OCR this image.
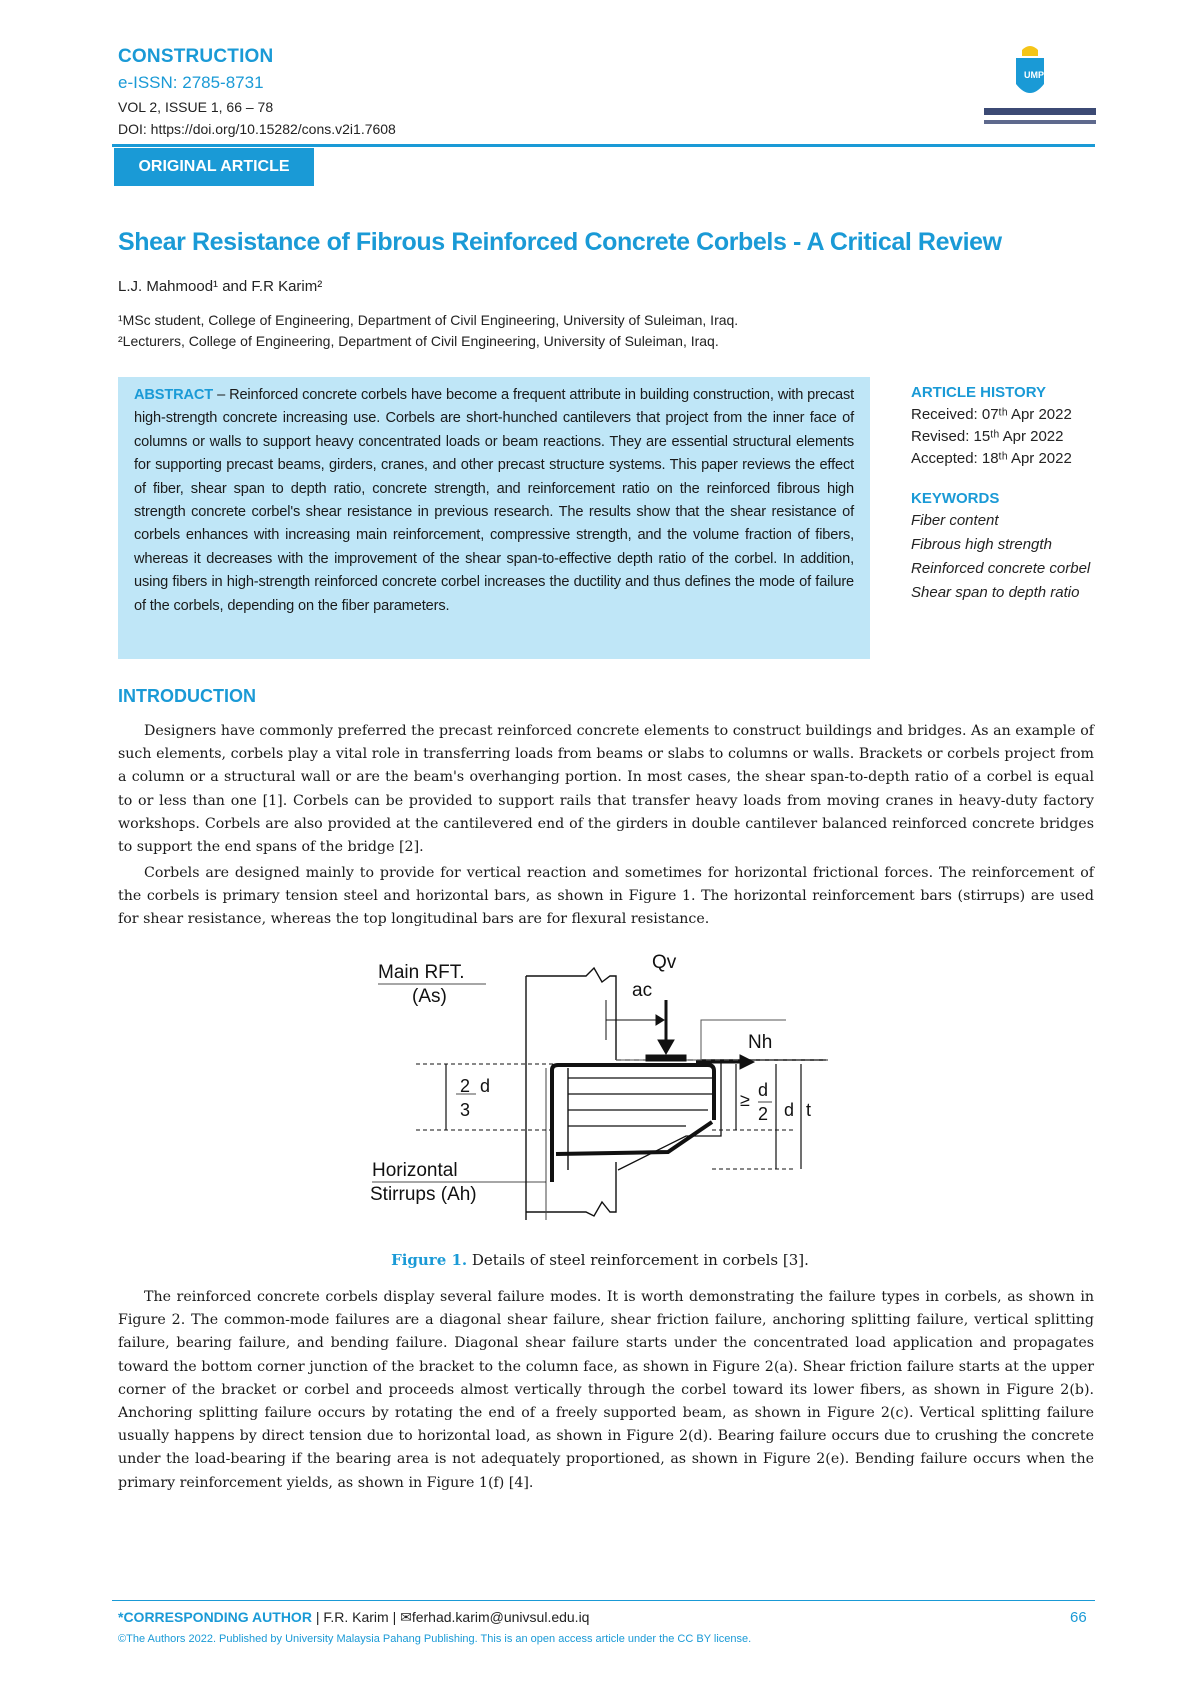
CONSTRUCTION
e-ISSN: 2785-8731
VOL 2, ISSUE 1, 66 – 78
DOI: https://doi.org/10.15282/cons.v2i1.7608
UMP
ORIGINAL ARTICLE
Shear Resistance of Fibrous Reinforced Concrete Corbels - A Critical Review
L.J. Mahmood¹ and F.R Karim²
¹MSc student, College of Engineering, Department of Civil Engineering, University of Suleiman, Iraq.
²Lecturers, College of Engineering, Department of Civil Engineering, University of Suleiman, Iraq.
ABSTRACT – Reinforced concrete corbels have become a frequent attribute in building construction, with precast high-strength concrete increasing use. Corbels are short-hunched cantilevers that project from the inner face of columns or walls to support heavy concentrated loads or beam reactions. They are essential structural elements for supporting precast beams, girders, cranes, and other precast structure systems. This paper reviews the effect of fiber, shear span to depth ratio, concrete strength, and reinforcement ratio on the reinforced fibrous high strength concrete corbel's shear resistance in previous research. The results show that the shear resistance of corbels enhances with increasing main reinforcement, compressive strength, and the volume fraction of fibers, whereas it decreases with the improvement of the shear span-to-effective depth ratio of the corbel. In addition, using fibers in high-strength reinforced concrete corbel increases the ductility and thus defines the mode of failure of the corbels, depending on the fiber parameters.
ARTICLE HISTORY
Received: 07ᵗʰ Apr 2022
Revised: 15ᵗʰ Apr 2022
Accepted: 18ᵗʰ Apr 2022
KEYWORDS
Fiber content
Fibrous high strength
Reinforced concrete corbel
Shear span to depth ratio
INTRODUCTION
Designers have commonly preferred the precast reinforced concrete elements to construct buildings and bridges. As an example of such elements, corbels play a vital role in transferring loads from beams or slabs to columns or walls. Brackets or corbels project from a column or a structural wall or are the beam's overhanging portion. In most cases, the shear span-to-depth ratio of a corbel is equal to or less than one [1]. Corbels can be provided to support rails that transfer heavy loads from moving cranes in heavy-duty factory workshops. Corbels are also provided at the cantilevered end of the girders in double cantilever balanced reinforced concrete bridges to support the end spans of the bridge [2].
Corbels are designed mainly to provide for vertical reaction and sometimes for horizontal frictional forces. The reinforcement of the corbels is primary tension steel and horizontal bars, as shown in Figure 1. The horizontal reinforcement bars (stirrups) are used for shear resistance, whereas the top longitudinal bars are for flexural resistance.
Main RFT.
(As)
Qv
ac
Nh
2 d
3	≥ d
2 d t
Horizontal
Stirrups (Ah)
Figure 1. Details of steel reinforcement in corbels [3].
The reinforced concrete corbels display several failure modes. It is worth demonstrating the failure types in corbels, as shown in Figure 2. The common-mode failures are a diagonal shear failure, shear friction failure, anchoring splitting failure, vertical splitting failure, bearing failure, and bending failure. Diagonal shear failure starts under the concentrated load application and propagates toward the bottom corner junction of the bracket to the column face, as shown in Figure 2(a). Shear friction failure starts at the upper corner of the bracket or corbel and proceeds almost vertically through the corbel toward its lower fibers, as shown in Figure 2(b). Anchoring splitting failure occurs by rotating the end of a freely supported beam, as shown in Figure 2(c). Vertical splitting failure usually happens by direct tension due to horizontal load, as shown in Figure 2(d). Bearing failure occurs due to crushing the concrete under the load-bearing if the bearing area is not adequately proportioned, as shown in Figure 2(e). Bending failure occurs when the primary reinforcement yields, as shown in Figure 1(f) [4].
*CORRESPONDING AUTHOR | F.R. Karim | ✉ferhad.karim@univsul.edu.iq
©The Authors 2022. Published by University Malaysia Pahang Publishing. This is an open access article under the CC BY license.
66
